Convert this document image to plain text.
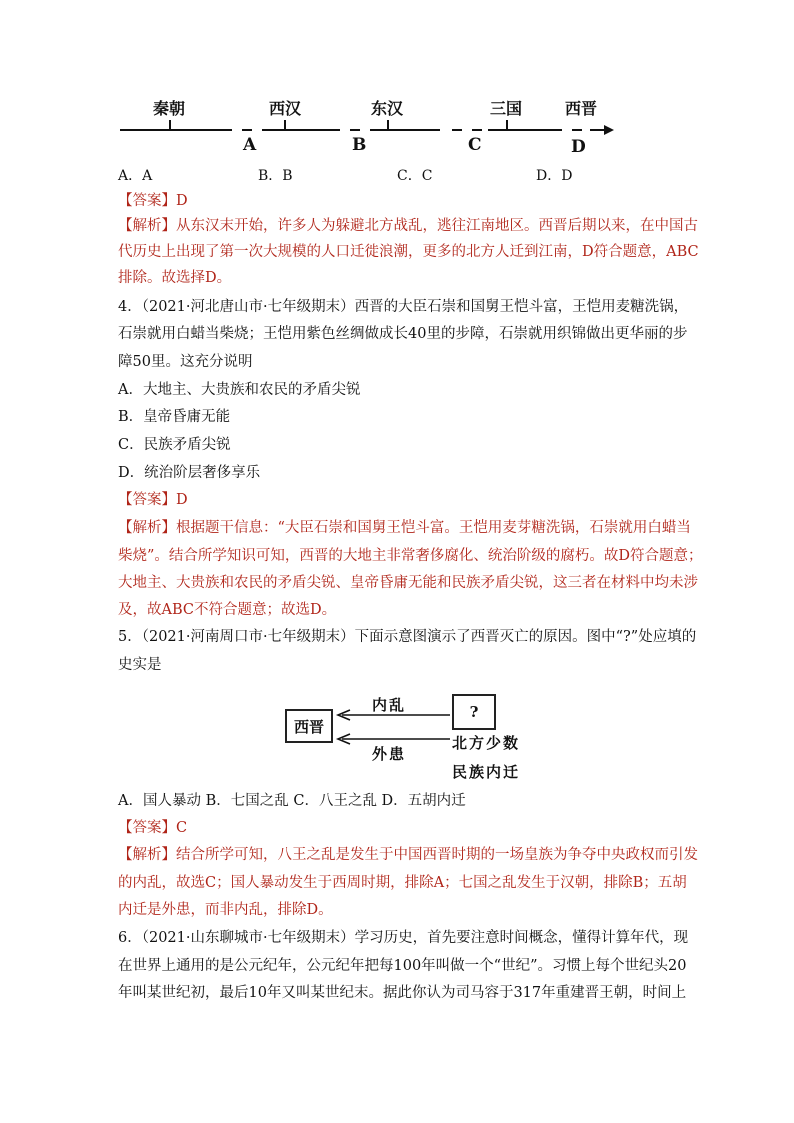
秦朝	西汉	东汉	三国	西晋
A	B	C	D
A．A	B．B	C．C	D．D
【答案】D
【解析】从东汉末开始，许多人为躲避北方战乱，逃往江南地区。西晋后期以来，在中国古
代历史上出现了第一次大规模的人口迁徙浪潮，更多的北方人迁到江南，D符合题意，ABC
排除。故选择D。
4．（2021·河北唐山市·七年级期末）西晋的大臣石崇和国舅王恺斗富，王恺用麦糖洗锅，
石崇就用白蜡当柴烧；王恺用紫色丝绸做成长40里的步障，石崇就用织锦做出更华丽的步
障50里。这充分说明
A．大地主、大贵族和农民的矛盾尖锐
B．皇帝昏庸无能
C．民族矛盾尖锐
D．统治阶层奢侈享乐
【答案】D
【解析】根据题干信息：“大臣石崇和国舅王恺斗富。王恺用麦芽糖洗锅，石崇就用白蜡当
柴烧”。结合所学知识可知，西晋的大地主非常奢侈腐化、统治阶级的腐朽。故D符合题意；
大地主、大贵族和农民的矛盾尖锐、皇帝昏庸无能和民族矛盾尖锐，这三者在材料中均未涉
及，故ABC不符合题意；故选D。
5．（2021·河南周口市·七年级期末）下面示意图演示了西晋灭亡的原因。图中“?”处应填的
史实是
西晋
?
内乱
外患
北方少数
民族内迁
A．国人暴动 B．七国之乱 C．八王之乱 D．五胡内迁
【答案】C
【解析】结合所学可知，八王之乱是发生于中国西晋时期的一场皇族为争夺中央政权而引发
的内乱，故选C；国人暴动发生于西周时期，排除A；七国之乱发生于汉朝，排除B；五胡
内迁是外患，而非内乱，排除D。
6．（2021·山东聊城市·七年级期末）学习历史，首先要注意时间概念，懂得计算年代，现
在世界上通用的是公元纪年，公元纪年把每100年叫做一个“世纪”。习惯上每个世纪头20
年叫某世纪初，最后10年又叫某世纪末。据此你认为司马容于317年重建晋王朝，时间上
